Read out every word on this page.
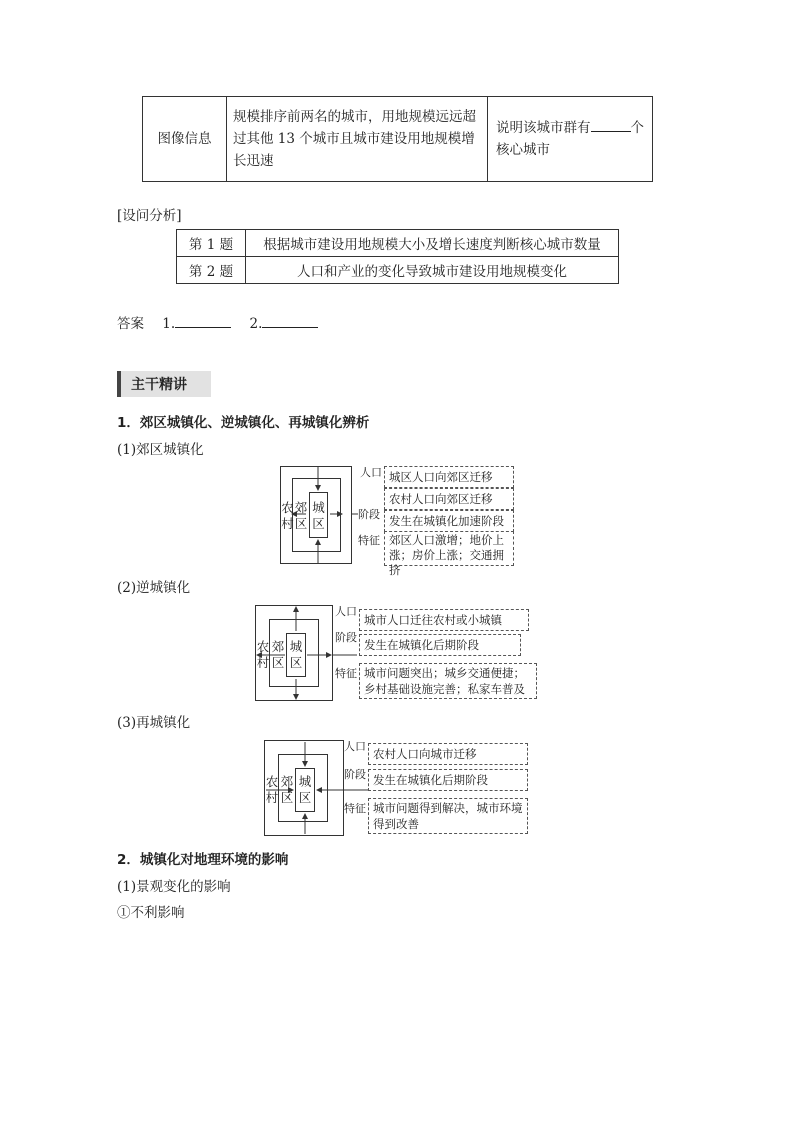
图像信息	规模排序前两名的城市，用地规模远远超过其他 13 个城市且城市建设用地规模增长迅速	说明该城市群有	个核心城市
[设问分析]
第 1 题	根据城市建设用地规模大小及增长速度判断核心城市数量
第 2 题	人口和产业的变化导致城市建设用地规模变化
答案 1.	2.
主干精讲
1．郊区城镇化、逆城镇化、再城镇化辨析
(1)郊区城镇化
农
村
郊
区
城
区
人口
阶段
特征
城区人口向郊区迁移
农村人口向郊区迁移
发生在城镇化加速阶段
郊区人口激增；地价上涨；房价上涨；交通拥挤
(2)逆城镇化
农
村
郊
区
城
区
人口
阶段
特征
城市人口迁往农村或小城镇
发生在城镇化后期阶段
城市问题突出；城乡交通便捷；乡村基础设施完善；私家车普及
(3)再城镇化
农
村
郊
区
城
区
人口
阶段
特征
农村人口向城市迁移
发生在城镇化后期阶段
城市问题得到解决，城市环境得到改善
2．城镇化对地理环境的影响
(1)景观变化的影响
①不利影响
